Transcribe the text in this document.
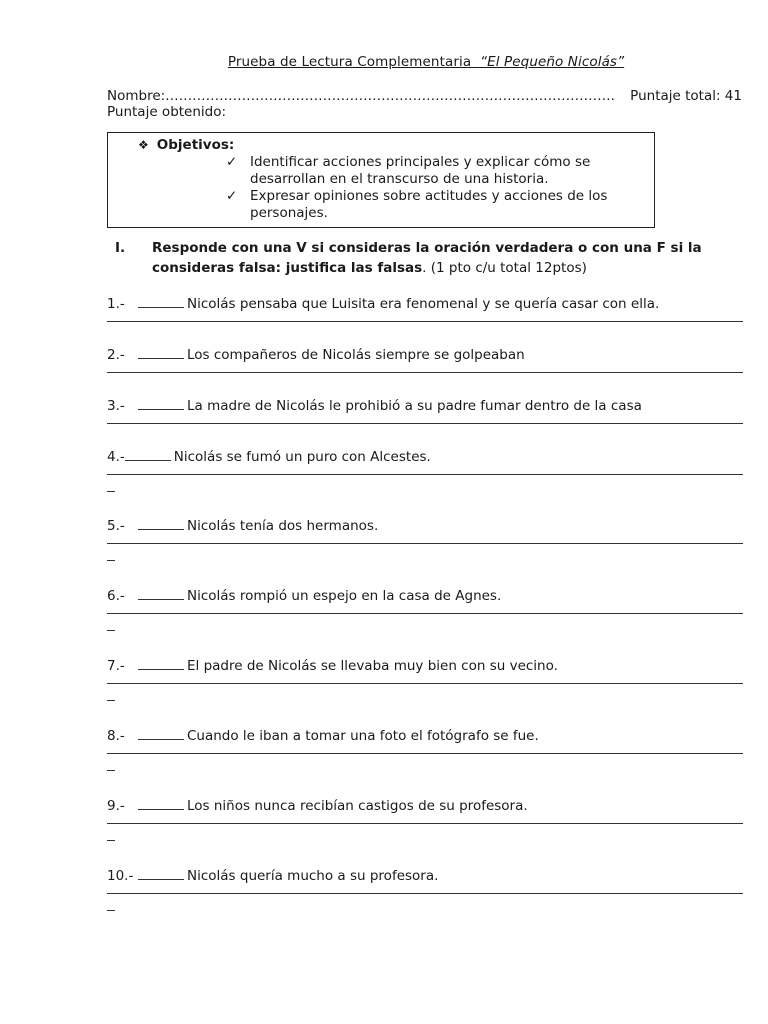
Prueba de Lectura Complementaria “El Pequeño Nicolás”
Nombre:………………………………………………………………………………………. Puntaje total: 41
Puntaje obtenido:
❖ Objetivos:
✓ Identificar acciones principales y explicar cómo se desarrollan en el transcurso de una historia.
✓ Expresar opiniones sobre actitudes y acciones de los personajes.
I. Responde con una V si consideras la oración verdadera o con una F si la consideras falsa: justifica las falsas. (1 pto c/u total 12ptos)
1.-	Nicolás pensaba que Luisita era fenomenal y se quería casar con ella.
2.-	Los compañeros de Nicolás siempre se golpeaban
3.-	La madre de Nicolás le prohibió a su padre fumar dentro de la casa
4.-	Nicolás se fumó un puro con Alcestes.
5.-	Nicolás tenía dos hermanos.
6.-	Nicolás rompió un espejo en la casa de Agnes.
7.-	El padre de Nicolás se llevaba muy bien con su vecino.
8.-	Cuando le iban a tomar una foto el fotógrafo se fue.
9.-	Los niños nunca recibían castigos de su profesora.
10.-	Nicolás quería mucho a su profesora.
